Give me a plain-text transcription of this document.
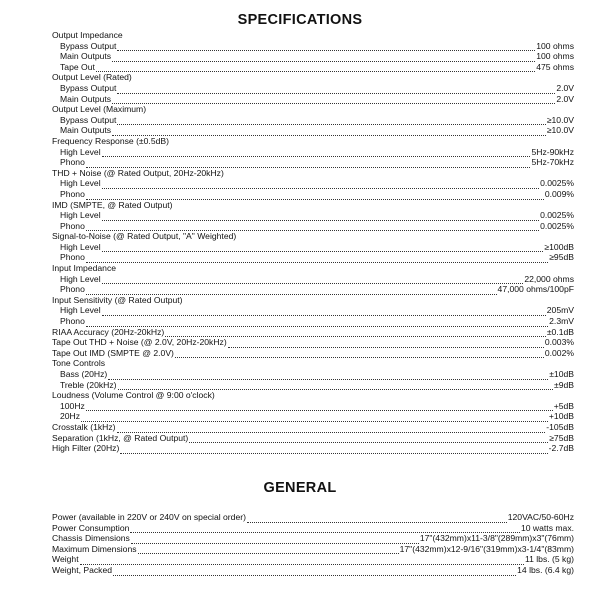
SPECIFICATIONS
Output Impedance
Bypass Output	100 ohms
Main Outputs	100 ohms
Tape Out	475 ohms
Output Level (Rated)
Bypass Output	2.0V
Main Outputs	2.0V
Output Level (Maximum)
Bypass Output	≥10.0V
Main Outputs	≥10.0V
Frequency Response (±0.5dB)
High Level	5Hz-90kHz
Phono	5Hz-70kHz
THD + Noise (@ Rated Output, 20Hz-20kHz)
High Level	0.0025%
Phono	0.009%
IMD (SMPTE, @ Rated Output)
High Level	0.0025%
Phono	0.0025%
Signal-to-Noise (@ Rated Output, "A" Weighted)
High Level	≥100dB
Phono	≥95dB
Input Impedance
High Level	22,000 ohms
Phono	47,000 ohms/100pF
Input Sensitivity (@ Rated Output)
High Level	205mV
Phono	2.3mV
RIAA Accuracy (20Hz-20kHz)	±0.1dB
Tape Out THD + Noise (@ 2.0V, 20Hz-20kHz)	0.003%
Tape Out IMD (SMPTE @ 2.0V)	0.002%
Tone Controls
Bass (20Hz)	±10dB
Treble (20kHz)	±9dB
Loudness (Volume Control @ 9:00 o'clock)
100Hz	+5dB
20Hz	+10dB
Crosstalk (1kHz)	-105dB
Separation (1kHz, @ Rated Output)	≥75dB
High Filter (20Hz)	-2.7dB
GENERAL
Power (available in 220V or 240V on special order)	120VAC/50-60Hz
Power Consumption	10 watts max.
Chassis Dimensions	17"(432mm)x11-3/8"(289mm)x3"(76mm)
Maximum Dimensions	17"(432mm)x12-9/16"(319mm)x3-1/4"(83mm)
Weight	11 lbs. (5 kg)
Weight, Packed	14 lbs. (6.4 kg)
